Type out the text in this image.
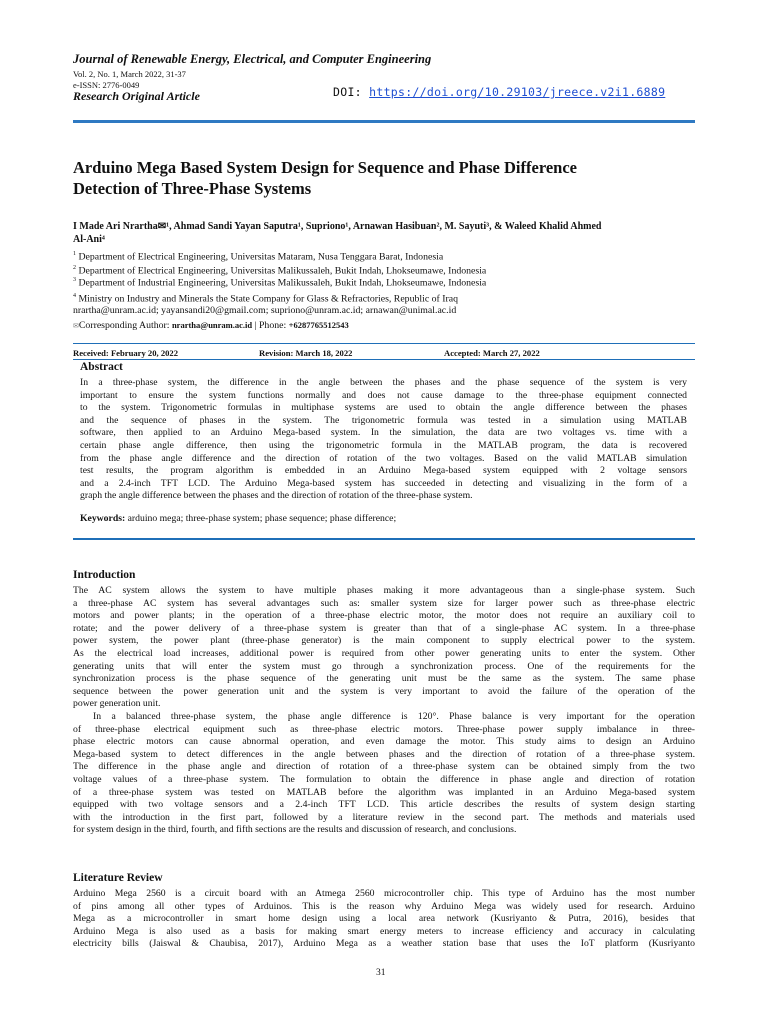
Journal of Renewable Energy, Electrical, and Computer Engineering
Vol. 2, No. 1, March 2022, 31-37
e-ISSN: 2776-0049
Research Original Article	DOI: https://doi.org/10.29103/jreece.v2i1.6889
Arduino Mega Based System Design for Sequence and Phase Difference
Detection of Three-Phase Systems
I Made Ari Nrartha✉¹, Ahmad Sandi Yayan Saputra¹, Supriono¹, Arnawan Hasibuan², M. Sayuti³, & Waleed Khalid Ahmed
Al-Ani⁴
$^1$ Department of Electrical Engineering, Universitas Mataram, Nusa Tenggara Barat, Indonesia
$^2$ Department of Electrical Engineering, Universitas Malikussaleh, Bukit Indah, Lhokseumawe, Indonesia
$^3$ Department of Industrial Engineering, Universitas Malikussaleh, Bukit Indah, Lhokseumawe, Indonesia
$^4$ Ministry on Industry and Minerals the State Company for Glass & Refractories, Republic of Iraq
nrartha@unram.ac.id; yayansandi20@gmail.com; supriono@unram.ac.id; arnawan@unimal.ac.id
✉Corresponding Author: nrartha@unram.ac.id | Phone: +6287765512543
Received: February 20, 2022	Revision: March 18, 2022	Accepted: March 27, 2022
Abstract
In a three-phase system, the difference in the angle between the phases and the phase sequence of the system is very
important to ensure the system functions normally and does not cause damage to the three-phase equipment connected
to the system. Trigonometric formulas in multiphase systems are used to obtain the angle difference between the phases
and the sequence of phases in the system. The trigonometric formula was tested in a simulation using MATLAB
software, then applied to an Arduino Mega-based system. In the simulation, the data are two voltages vs. time with a
certain phase angle difference, then using the trigonometric formula in the MATLAB program, the data is recovered
from the phase angle difference and the direction of rotation of the two voltages. Based on the valid MATLAB simulation
test results, the program algorithm is embedded in an Arduino Mega-based system equipped with 2 voltage sensors
and a 2.4-inch TFT LCD. The Arduino Mega-based system has succeeded in detecting and visualizing in the form of a
graph the angle difference between the phases and the direction of rotation of the three-phase system.
Keywords: arduino mega; three-phase system; phase sequence; phase difference;
Introduction
The AC system allows the system to have multiple phases making it more advantageous than a single-phase system. Such
a three-phase AC system has several advantages such as: smaller system size for larger power such as three-phase electric
motors and power plants; in the operation of a three-phase electric motor, the motor does not require an auxiliary coil to
rotate; and the power delivery of a three-phase system is greater than that of a single-phase AC system. In a three-phase
power system, the power plant (three-phase generator) is the main component to supply electrical power to the system.
As the electrical load increases, additional power is required from other power generating units to enter the system. Other
generating units that will enter the system must go through a synchronization process. One of the requirements for the
synchronization process is the phase sequence of the generating unit must be the same as the system. The same phase
sequence between the power generation unit and the system is very important to avoid the failure of the operation of the
power generation unit.
In a balanced three-phase system, the phase angle difference is 120°. Phase balance is very important for the operation
of three-phase electrical equipment such as three-phase electric motors. Three-phase power supply imbalance in three-
phase electric motors can cause abnormal operation, and even damage the motor. This study aims to design an Arduino
Mega-based system to detect differences in the angle between phases and the direction of rotation of a three-phase system.
The difference in the phase angle and direction of rotation of a three-phase system can be obtained simply from the two
voltage values of a three-phase system. The formulation to obtain the difference in phase angle and direction of rotation
of a three-phase system was tested on MATLAB before the algorithm was implanted in an Arduino Mega-based system
equipped with two voltage sensors and a 2.4-inch TFT LCD. This article describes the results of system design starting
with the introduction in the first part, followed by a literature review in the second part. The methods and materials used
for system design in the third, fourth, and fifth sections are the results and discussion of research, and conclusions.
Literature Review
Arduino Mega 2560 is a circuit board with an Atmega 2560 microcontroller chip. This type of Arduino has the most number
of pins among all other types of Arduinos. This is the reason why Arduino Mega was widely used for research. Arduino
Mega as a microcontroller in smart home design using a local area network (Kusriyanto & Putra, 2016), besides that
Arduino Mega is also used as a basis for making smart energy meters to increase efficiency and accuracy in calculating
electricity bills (Jaiswal & Chaubisa, 2017), Arduino Mega as a weather station base that uses the IoT platform (Kusriyanto
31
